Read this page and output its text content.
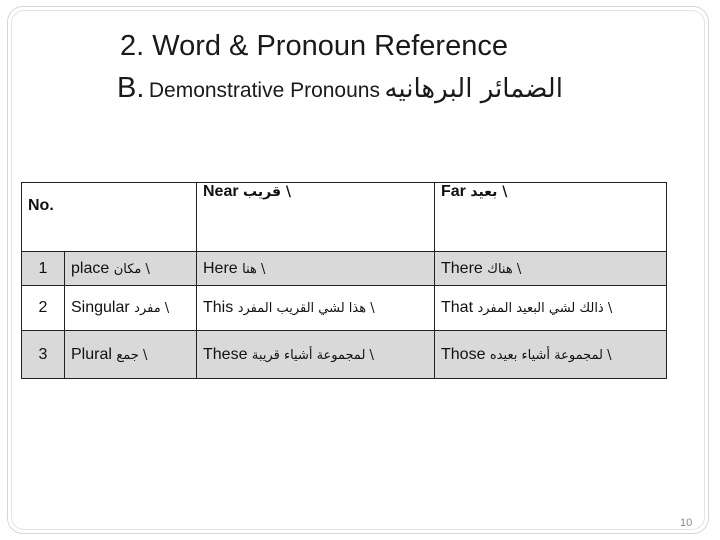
2. Word & Pronoun Reference
B. Demonstrative Pronouns الضمائر البرهانيه
No.		Near \ قريب	Far \ بعيد
1	place \ مكان	Here \ هنا	There \ هناك
2	Singular \ مفرد	This \ هذا لشي القريب المفرد	That \ ذالك لشي البعيد المفرد
3	Plural \ جمع	These \ لمجموعة أشياء قريبة	Those \ لمجموعة أشياء بعيده
10
